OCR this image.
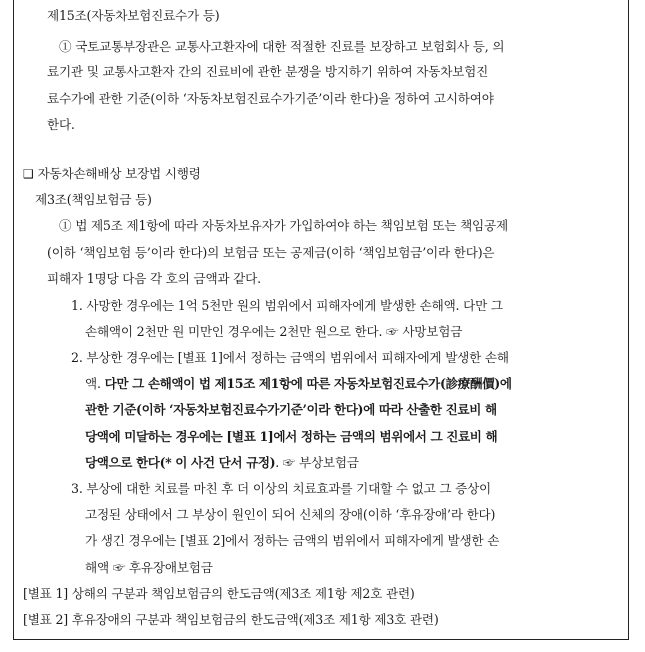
제15조(자동차보험진료수가 등)
① 국토교통부장관은 교통사고환자에 대한 적절한 진료를 보장하고 보험회사 등, 의
료기관 및 교통사고환자 간의 진료비에 관한 분쟁을 방지하기 위하여 자동차보험진
료수가에 관한 기준(이하 ‘자동차보험진료수가기준’이라 한다)을 정하여 고시하여야
한다.
❑ 자동차손해배상 보장법 시행령
제3조(책임보험금 등)
① 법 제5조 제1항에 따라 자동차보유자가 가입하여야 하는 책임보험 또는 책임공제
(이하 ‘책임보험 등’이라 한다)의 보험금 또는 공제금(이하 ‘책임보험금’이라 한다)은
피해자 1명당 다음 각 호의 금액과 같다.
1. 사망한 경우에는 1억 5천만 원의 범위에서 피해자에게 발생한 손해액. 다만 그
손해액이 2천만 원 미만인 경우에는 2천만 원으로 한다. ☞ 사망보험금
2. 부상한 경우에는 [별표 1]에서 정하는 금액의 범위에서 피해자에게 발생한 손해
액. 다만 그 손해액이 법 제15조 제1항에 따른 자동차보험진료수가(診療酬價)에
관한 기준(이하 ‘자동차보험진료수가기준’이라 한다)에 따라 산출한 진료비 해
당액에 미달하는 경우에는 [별표 1]에서 정하는 금액의 범위에서 그 진료비 해
당액으로 한다(* 이 사건 단서 규정). ☞ 부상보험금
3. 부상에 대한 치료를 마친 후 더 이상의 치료효과를 기대할 수 없고 그 증상이
고정된 상태에서 그 부상이 원인이 되어 신체의 장애(이하 ‘후유장애’라 한다)
가 생긴 경우에는 [별표 2]에서 정하는 금액의 범위에서 피해자에게 발생한 손
해액 ☞ 후유장애보험금
[별표 1] 상해의 구분과 책임보험금의 한도금액(제3조 제1항 제2호 관련)
[별표 2] 후유장애의 구분과 책임보험금의 한도금액(제3조 제1항 제3호 관련)
